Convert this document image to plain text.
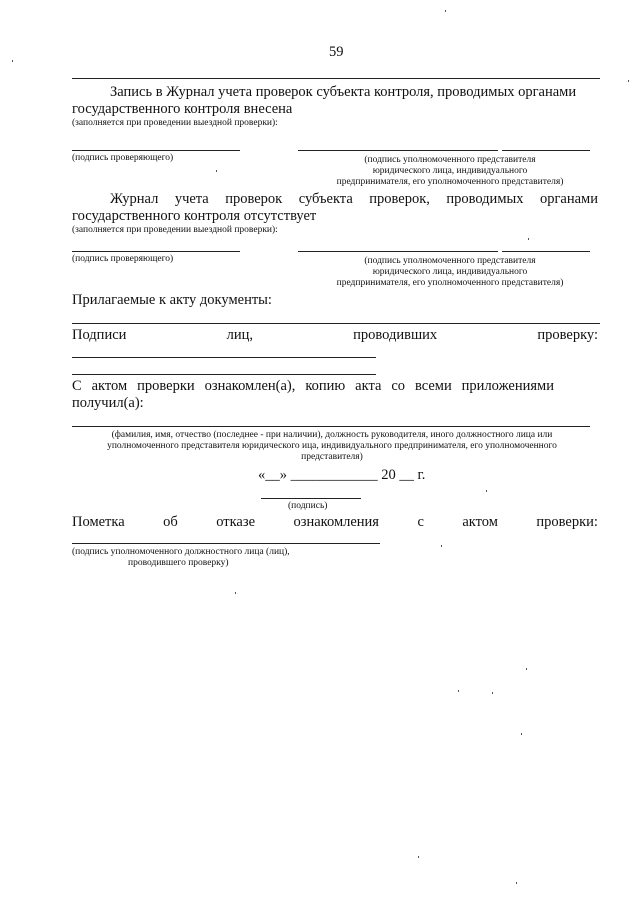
59
Запись в Журнал учета проверок субъекта контроля, проводимых органами
государственного контроля внесена
(заполняется при проведении выездной проверки):
(подпись проверяющего)	(подпись уполномоченного представителя
юридического лица, индивидуального
предпринимателя, его уполномоченного представителя)
Журнал учета проверок субъекта проверок, проводимых органами
государственного контроля отсутствует
(заполняется при проведении выездной проверки):
(подпись проверяющего)	(подпись уполномоченного представителя
юридического лица, индивидуального
предпринимателя, его уполномоченного представителя)
Прилагаемые к акту документы:
Подписи	лиц,	проводивших	проверку:
С актом проверки ознакомлен(а), копию акта со всеми приложениями
получил(а):
(фамилия, имя, отчество (последнее - при наличии), должность руководителя, иного должностного лица или
уполномоченного представителя юридического ица, индивидуального предпринимателя, его уполномоченного
представителя)
«__» ____________ 20 __ г.
(подпись)
Пометка	об	отказе	ознакомления	с	актом	проверки:
(подпись уполномоченного должностного лица (лиц),
проводившего проверку)
